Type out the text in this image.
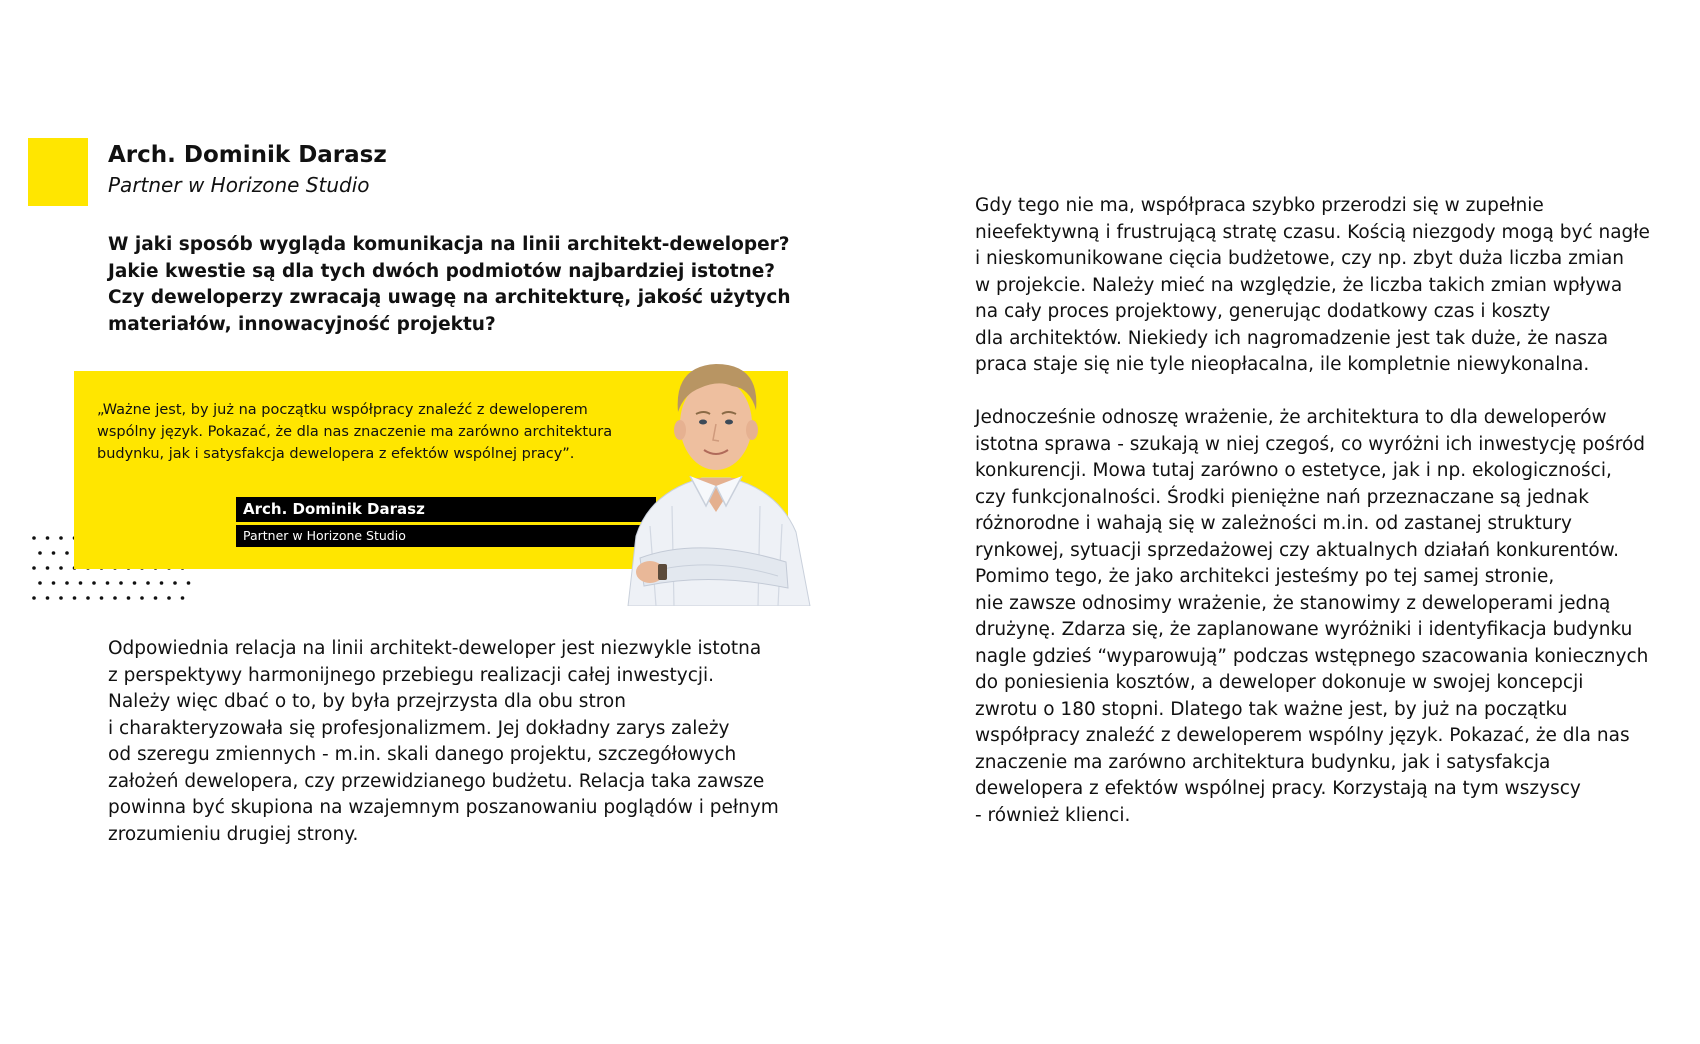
Arch. Dominik Darasz

Partner w Horizone Studio

W jaki sposób wygląda komunikacja na linii architekt-deweloper?
Jakie kwestie są dla tych dwóch podmiotów najbardziej istotne?
Czy deweloperzy zwracają uwagę na architekturę, jakość użytych
materiałów, innowacyjność projektu?

„Ważne jest, by już na początku współpracy znaleźć z deweloperem
wspólny język. Pokazać, że dla nas znaczenie ma zarówno architektura
budynku, jak i satysfakcja dewelopera z efektów wspólnej pracy”.

Arch. Dominik Darasz
Partner w Horizone Studio

Odpowiednia relacja na linii architekt-deweloper jest niezwykle istotna
z perspektywy harmonijnego przebiegu realizacji całej inwestycji.
Należy więc dbać o to, by była przejrzysta dla obu stron
i charakteryzowała się profesjonalizmem. Jej dokładny zarys zależy
od szeregu zmiennych - m.in. skali danego projektu, szczegółowych
założeń dewelopera, czy przewidzianego budżetu. Relacja taka zawsze
powinna być skupiona na wzajemnym poszanowaniu poglądów i pełnym
zrozumieniu drugiej strony.

Gdy tego nie ma, współpraca szybko przerodzi się w zupełnie
nieefektywną i frustrującą stratę czasu. Kością niezgody mogą być nagłe
i nieskomunikowane cięcia budżetowe, czy np. zbyt duża liczba zmian
w projekcie. Należy mieć na względzie, że liczba takich zmian wpływa
na cały proces projektowy, generując dodatkowy czas i koszty
dla architektów. Niekiedy ich nagromadzenie jest tak duże, że nasza
praca staje się nie tyle nieopłacalna, ile kompletnie niewykonalna.
Jednocześnie odnoszę wrażenie, że architektura to dla deweloperów
istotna sprawa - szukają w niej czegoś, co wyróżni ich inwestycję pośród
konkurencji. Mowa tutaj zarówno o estetyce, jak i np. ekologiczności,
czy funkcjonalności. Środki pieniężne nań przeznaczane są jednak
różnorodne i wahają się w zależności m.in. od zastanej struktury
rynkowej, sytuacji sprzedażowej czy aktualnych działań konkurentów.
Pomimo tego, że jako architekci jesteśmy po tej samej stronie,
nie zawsze odnosimy wrażenie, że stanowimy z deweloperami jedną
drużynę. Zdarza się, że zaplanowane wyróżniki i identyfikacja budynku
nagle gdzieś “wyparowują” podczas wstępnego szacowania koniecznych
do poniesienia kosztów, a deweloper dokonuje w swojej koncepcji
zwrotu o 180 stopni. Dlatego tak ważne jest, by już na początku
współpracy znaleźć z deweloperem wspólny język. Pokazać, że dla nas
znaczenie ma zarówno architektura budynku, jak i satysfakcja
dewelopera z efektów wspólnej pracy. Korzystają na tym wszyscy
- również klienci.
